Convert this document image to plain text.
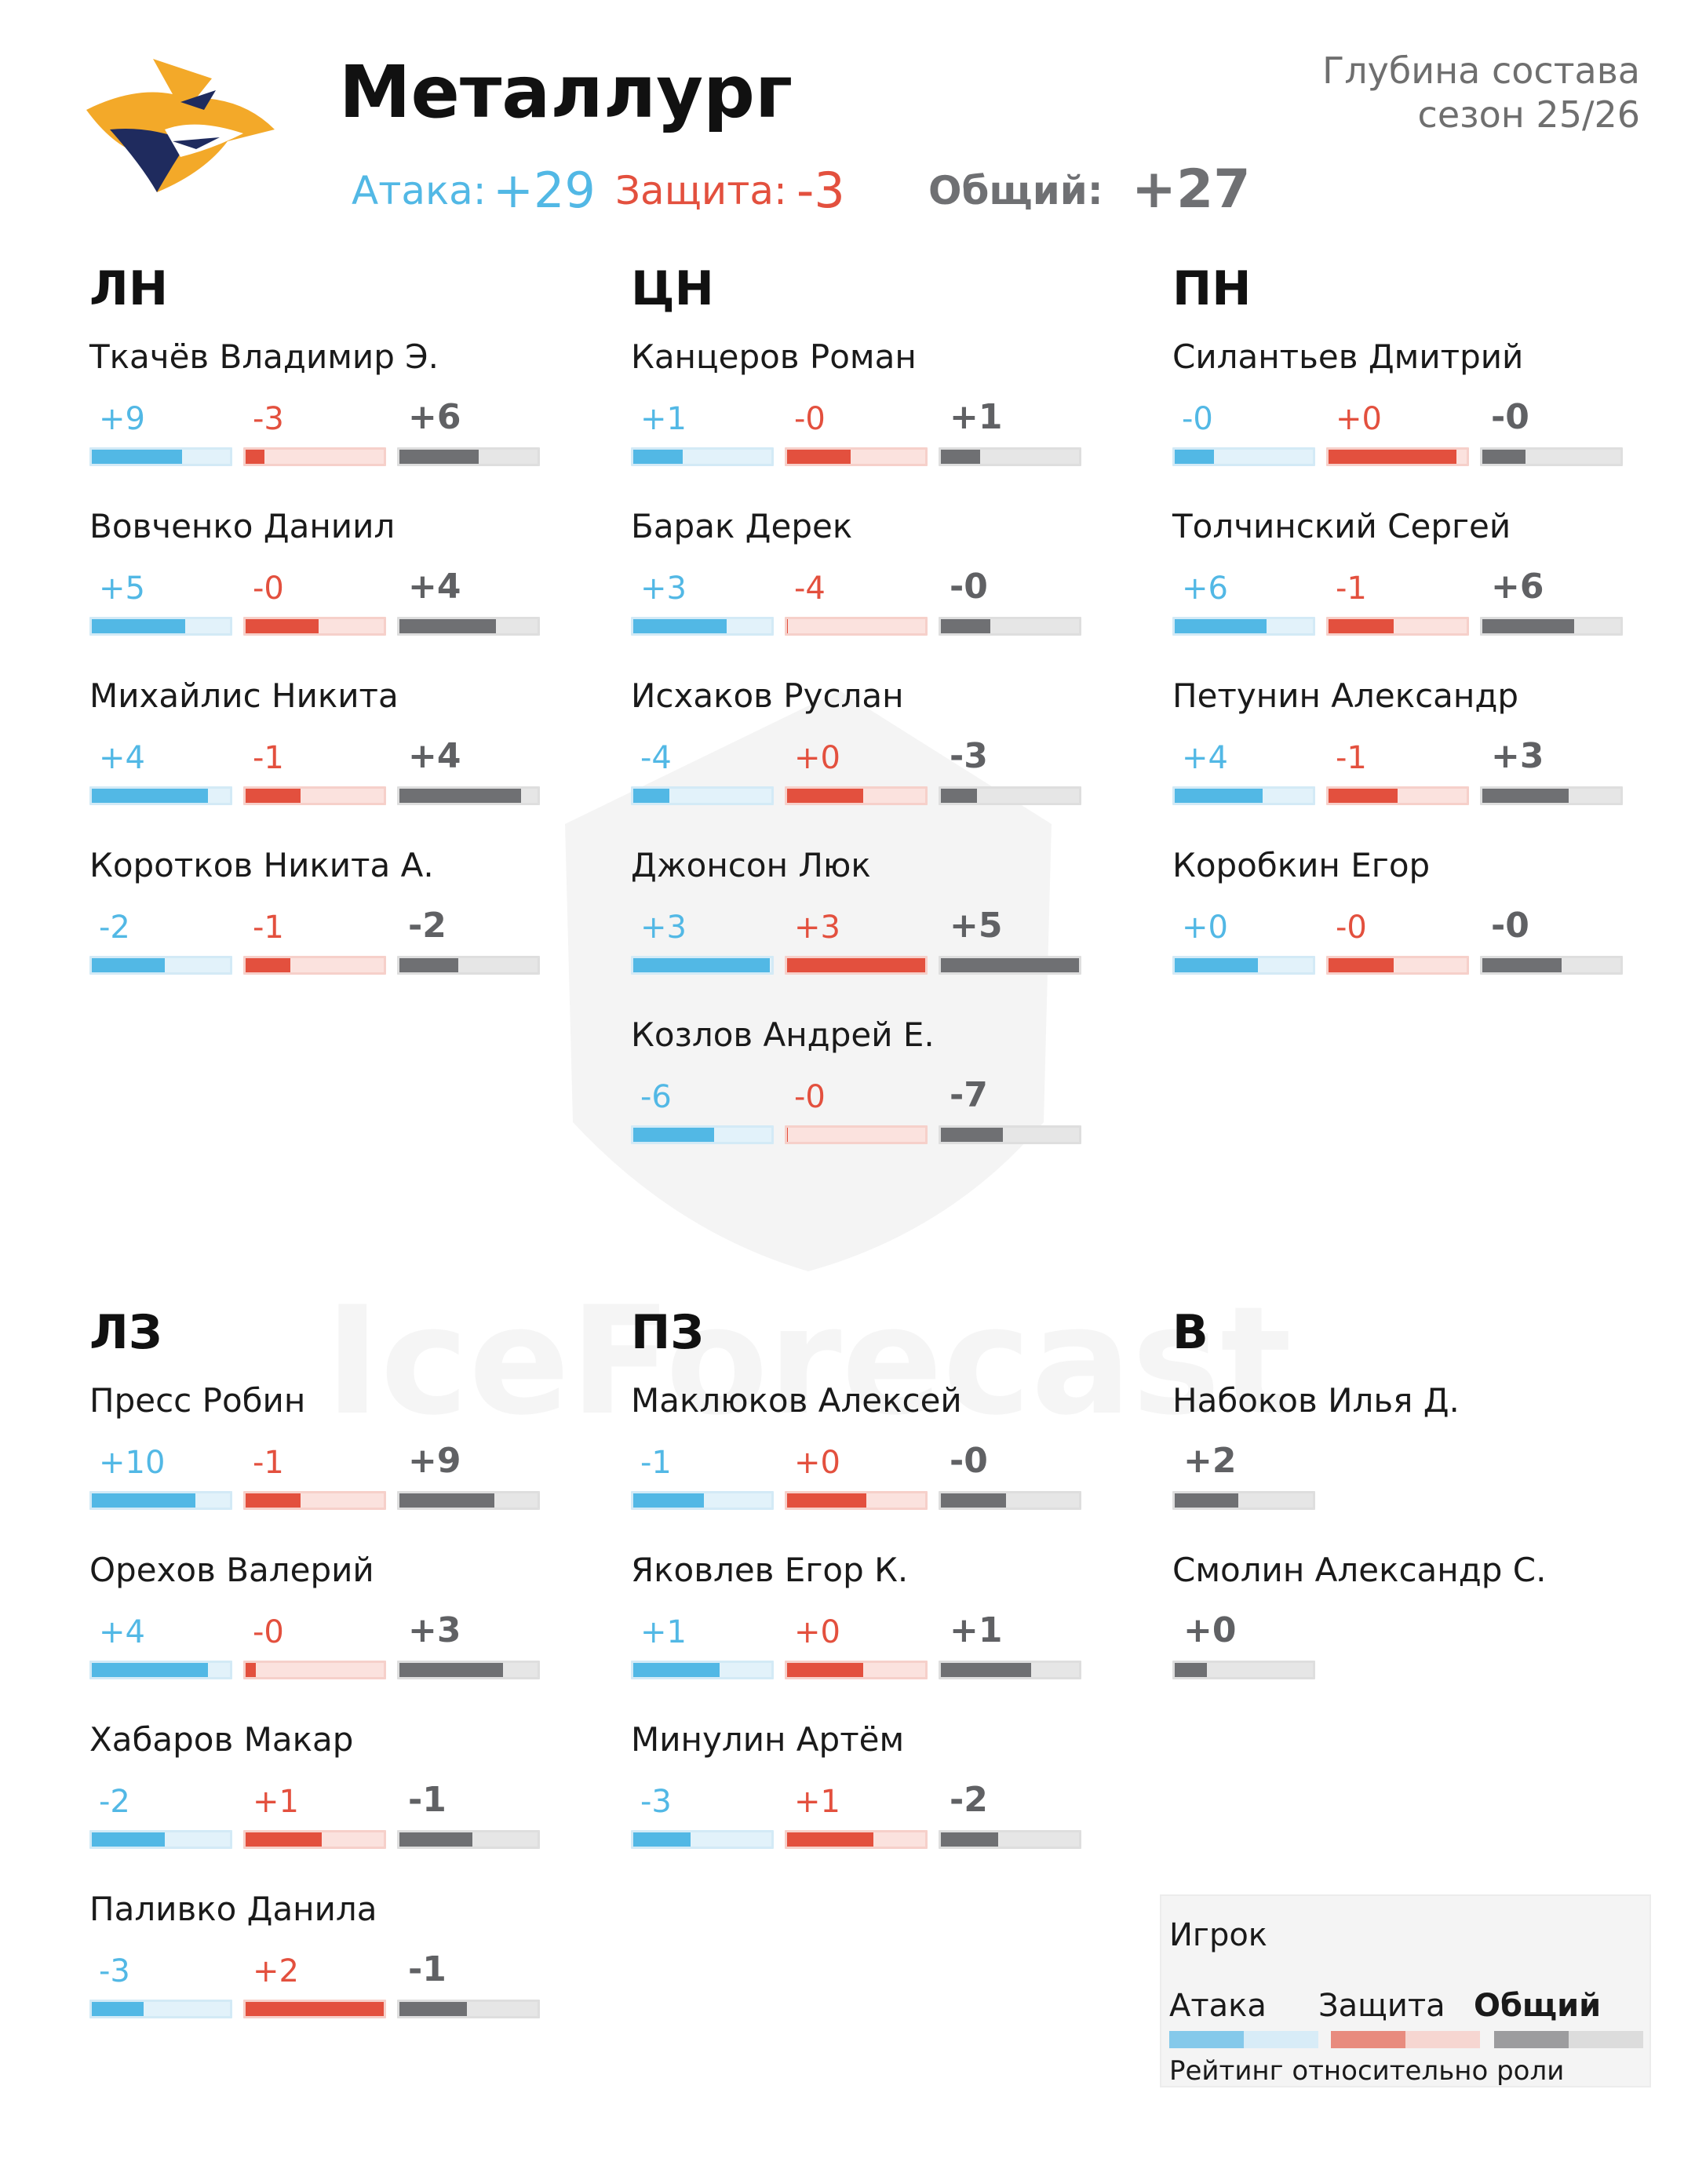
Металлург	Глубина состава
сезон 25/26
Атака: +29 Защита: -3 Общий: +27
ЛН
Ткачёв Владимир Э.
+9	-3	+6
Вовченко Даниил
+5	-0	+4
Михайлис Никита
+4	-1	+4
Коротков Никита А.
-2	-1	-2
ЦН
Канцеров Роман
+1	-0	+1
Барак Дерек
+3	-4	-0
Исхаков Руслан
-4	+0	-3
Джонсон Люк
+3	+3	+5
Козлов Андрей Е.
-6	-0	-7
ПН
Силантьев Дмитрий
-0	+0	-0
Толчинский Сергей
+6	-1	+6
Петунин Александр
+4	-1	+3
Коробкин Егор
+0	-0	-0
ЛЗ
Пресс Робин
+10	-1	+9
Орехов Валерий
+4	-0	+3
Хабаров Макар
-2	+1	-1
Паливко Данила
-3	+2	-1
ПЗ
Маклюков Алексей
-1	+0	-0
Яковлев Егор К.
+1	+0	+1
Минулин Артём
-3	+1	-2
В
Набоков Илья Д.
+2
Смолин Александр С.
+0
Игрок
Атака Защита Общий
Рейтинг относительно роли
